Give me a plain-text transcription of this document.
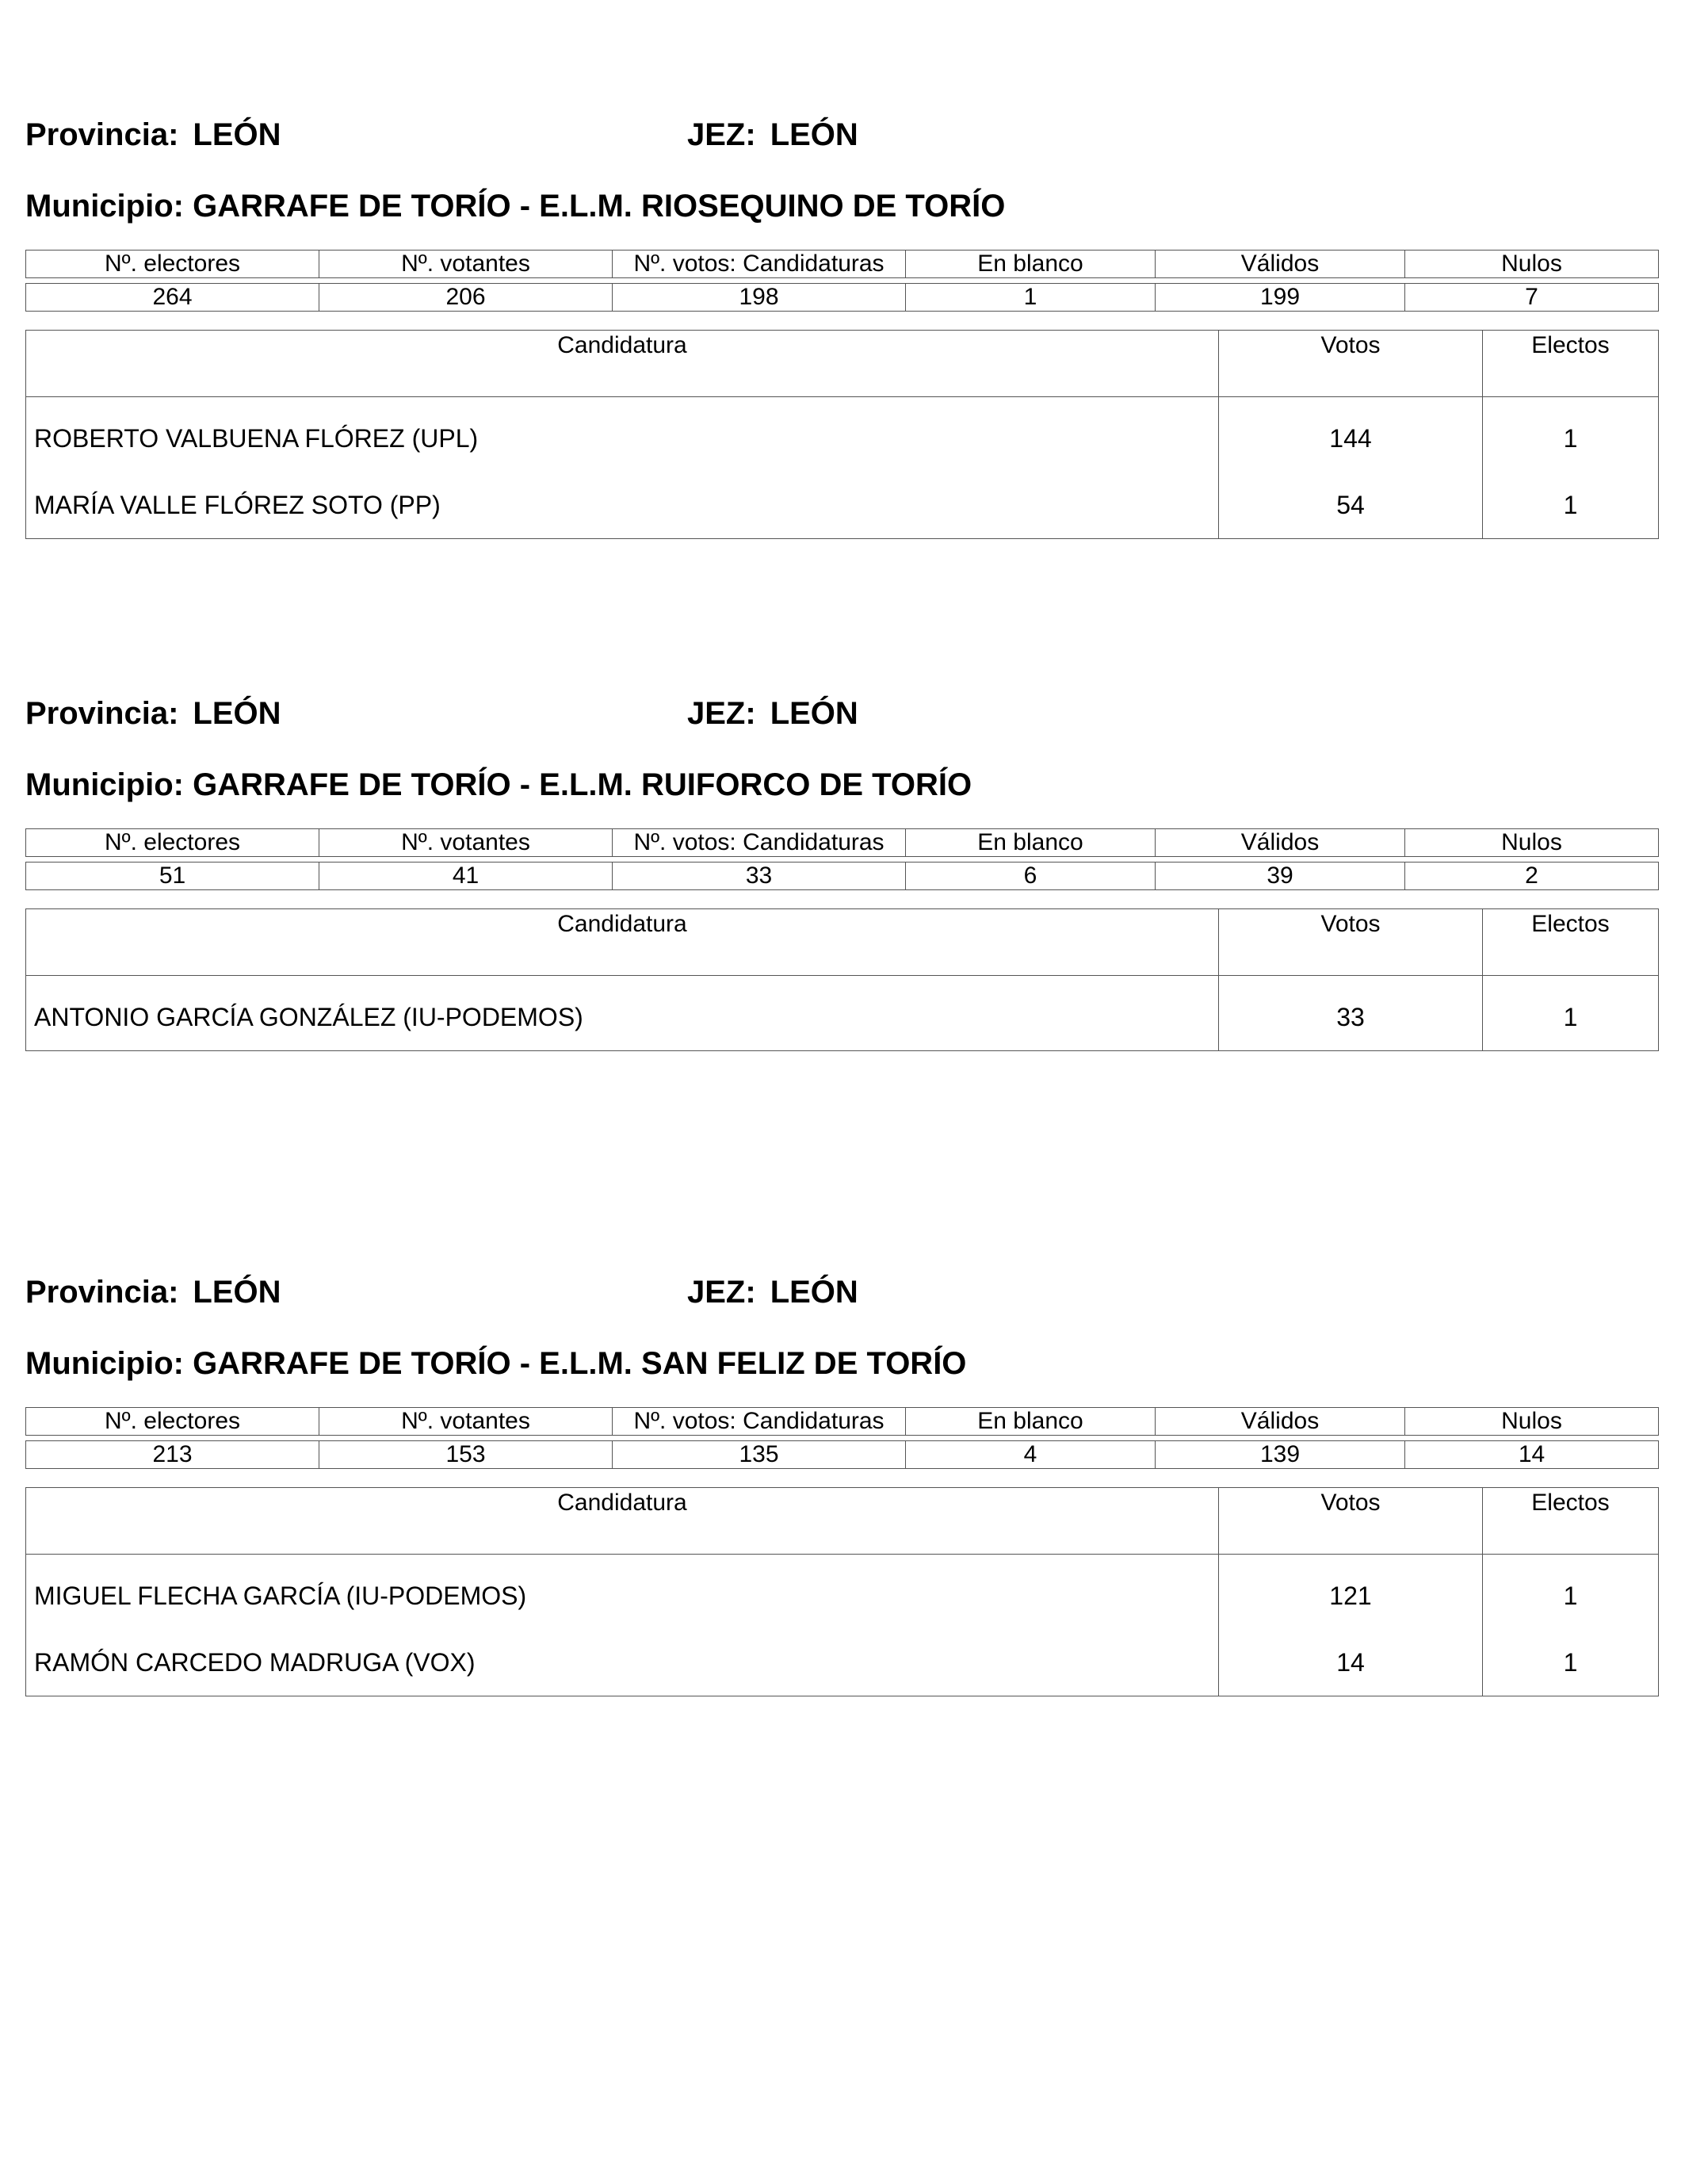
Provincia: LEÓN	JEZ: LEÓN
Municipio: GARRAFE DE TORÍO - E.L.M. RIOSEQUINO DE TORÍO
Nº. electores	Nº. votantes	Nº. votos: Candidaturas	En blanco	Válidos	Nulos

264	206	198	1	199	7
Candidatura	Votos	Electos
ROBERTO VALBUENA FLÓREZ (UPL)	144	1
MARÍA VALLE FLÓREZ SOTO (PP)	54	1
Provincia: LEÓN	JEZ: LEÓN
Municipio: GARRAFE DE TORÍO - E.L.M. RUIFORCO DE TORÍO
Nº. electores	Nº. votantes	Nº. votos: Candidaturas	En blanco	Válidos	Nulos

51	41	33	6	39	2
Candidatura	Votos	Electos
ANTONIO GARCÍA GONZÁLEZ (IU-PODEMOS)	33	1
Provincia: LEÓN	JEZ: LEÓN
Municipio: GARRAFE DE TORÍO - E.L.M. SAN FELIZ DE TORÍO
Nº. electores	Nº. votantes	Nº. votos: Candidaturas	En blanco	Válidos	Nulos

213	153	135	4	139	14
Candidatura	Votos	Electos
MIGUEL FLECHA GARCÍA (IU-PODEMOS)	121	1
RAMÓN CARCEDO MADRUGA (VOX)	14	1
